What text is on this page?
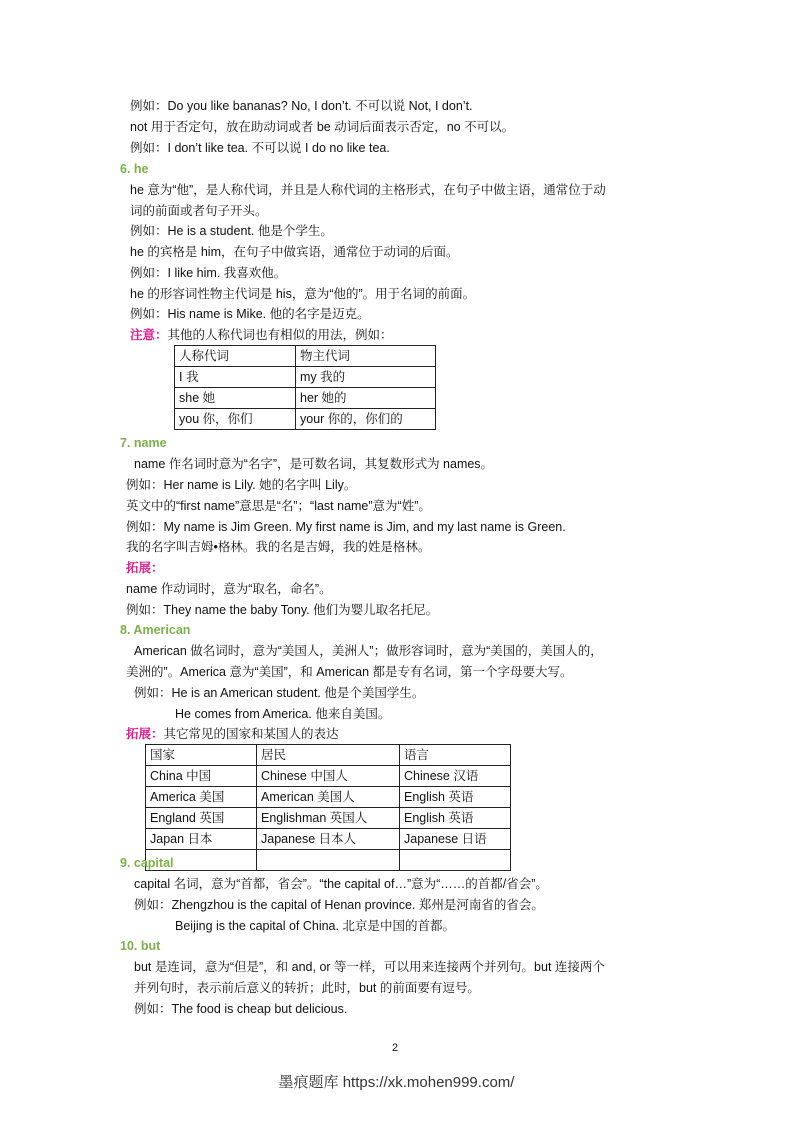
例如：Do you like bananas? No, I don’t. 不可以说 Not, I don’t.
not 用于否定句，放在助动词或者 be 动词后面表示否定，no 不可以。
例如：I don’t like tea. 不可以说 I do no like tea.
6. he
he 意为“他”，是人称代词，并且是人称代词的主格形式，在句子中做主语，通常位于动
词的前面或者句子开头。
例如：He is a student. 他是个学生。
he 的宾格是 him，在句子中做宾语，通常位于动词的后面。
例如：I like him. 我喜欢他。
he 的形容词性物主代词是 his，意为“他的”。用于名词的前面。
例如：His name is Mike. 他的名字是迈克。
注意：其他的人称代词也有相似的用法，例如：
人称代词	物主代词
I 我	my 我的
she 她	her 她的
you 你，你们	your 你的，你们的
7. name
name 作名词时意为“名字”，是可数名词，其复数形式为 names。
例如：Her name is Lily. 她的名字叫 Lily。
英文中的“first name”意思是“名”；“last name”意为“姓”。
例如：My name is Jim Green. My first name is Jim, and my last name is Green.
我的名字叫吉姆•格林。我的名是吉姆，我的姓是格林。
拓展：
name 作动词时，意为“取名，命名”。
例如：They name the baby Tony. 他们为婴儿取名托尼。
8. American
American 做名词时，意为“美国人，美洲人”；做形容词时，意为“美国的，美国人的，
美洲的”。America 意为“美国”，和 American 都是专有名词，第一个字母要大写。
例如：He is an American student. 他是个美国学生。
He comes from America. 他来自美国。
拓展：其它常见的国家和某国人的表达
国家	居民	语言
China 中国	Chinese 中国人	Chinese 汉语
America 美国	American 美国人	English 英语
England 英国	Englishman 英国人	English 英语
Japan 日本	Japanese 日本人	Japanese 日语

9. capital
capital 名词，意为“首都，省会”。“the capital of…”意为“……的首都/省会”。
例如：Zhengzhou is the capital of Henan province. 郑州是河南省的省会。
Beijing is the capital of China. 北京是中国的首都。
10. but
but 是连词，意为“但是”，和 and, or 等一样，可以用来连接两个并列句。but 连接两个
并列句时，表示前后意义的转折；此时，but 的前面要有逗号。
例如：The food is cheap but delicious.
2
墨痕题库 https://xk.mohen999.com/
